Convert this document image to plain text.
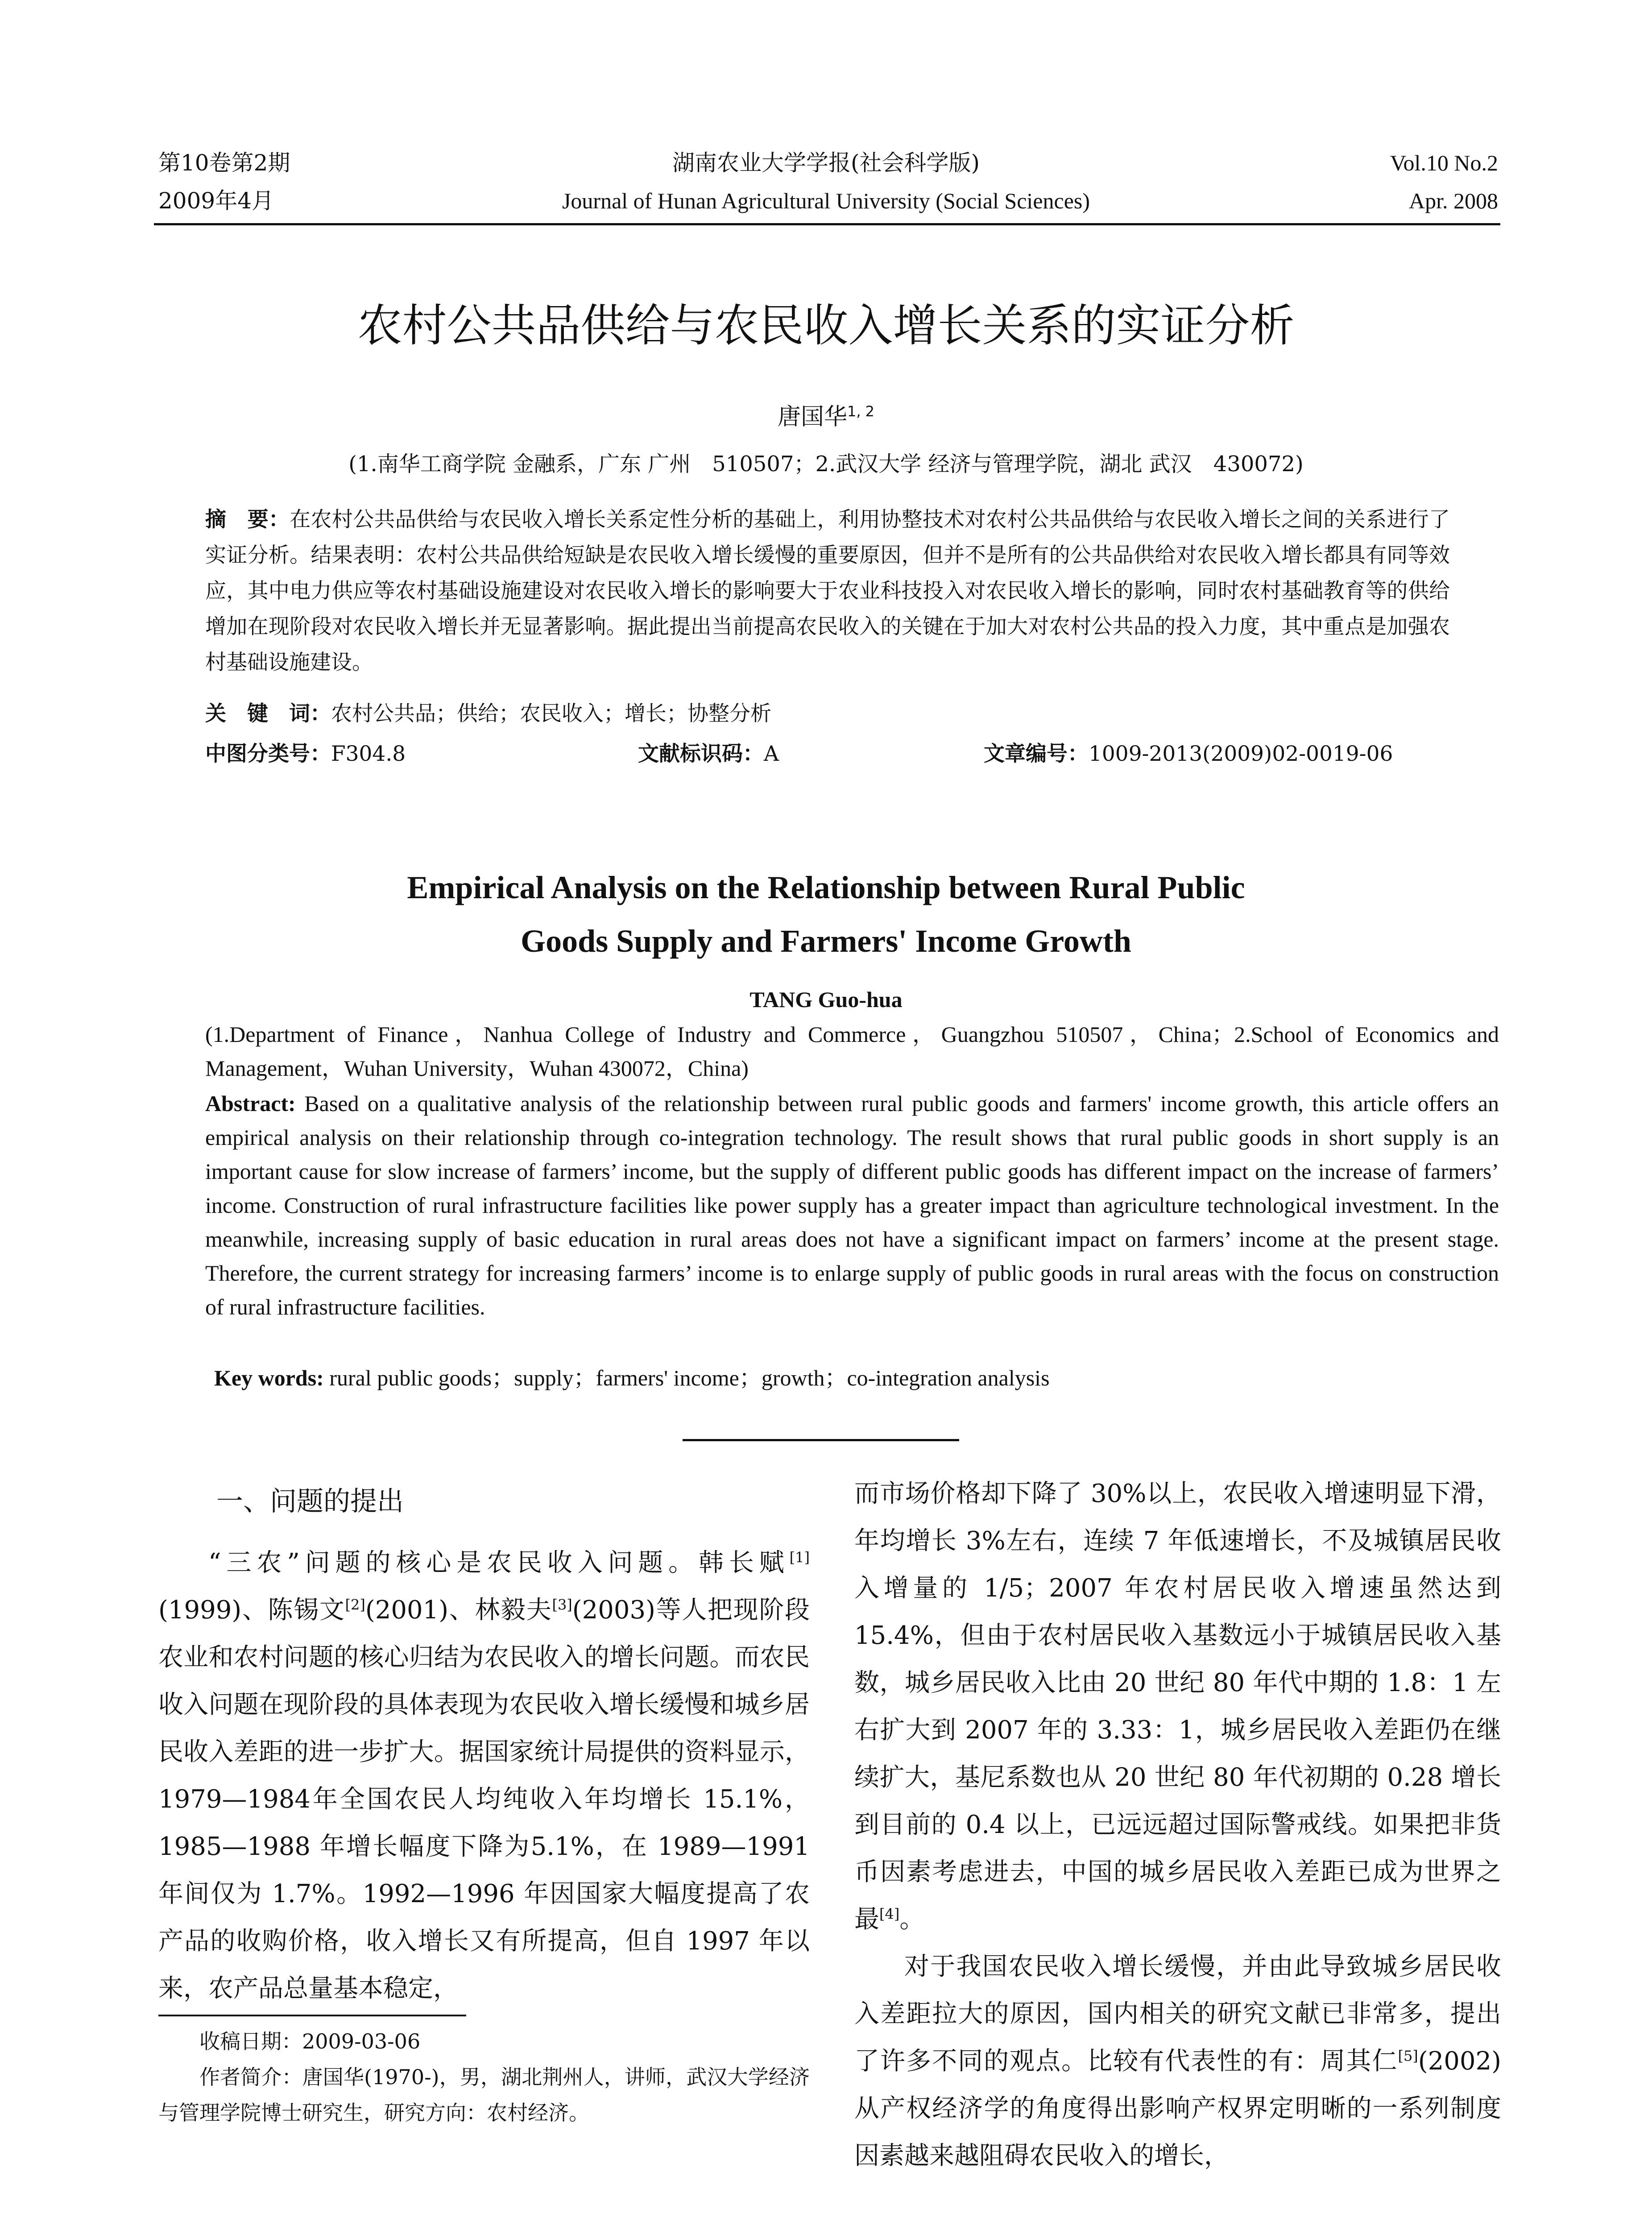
第10卷第2期
2009年4月
湖南农业大学学报(社会科学版)
Journal of Hunan Agricultural University (Social Sciences)
Vol.10 No.2
Apr. 2008
农村公共品供给与农民收入增长关系的实证分析
唐国华$^{1, 2}$
(1.南华工商学院 金融系，广东 广州　510507；2.武汉大学 经济与管理学院，湖北 武汉　430072)
摘　要：在农村公共品供给与农民收入增长关系定性分析的基础上，利用协整技术对农村公共品供给与农民收入增长之间的关系进行了实证分析。结果表明：农村公共品供给短缺是农民收入增长缓慢的重要原因，但并不是所有的公共品供给对农民收入增长都具有同等效应，其中电力供应等农村基础设施建设对农民收入增长的影响要大于农业科技投入对农民收入增长的影响，同时农村基础教育等的供给增加在现阶段对农民收入增长并无显著影响。据此提出当前提高农民收入的关键在于加大对农村公共品的投入力度，其中重点是加强农村基础设施建设。
关　键　词：农村公共品；供给；农民收入；增长；协整分析
中图分类号：F304.8	文献标识码：A	文章编号：1009-2013(2009)02-0019-06
Empirical Analysis on the Relationship between Rural Public
Goods Supply and Farmers' Income Growth
TANG Guo-hua
(1.Department of Finance，Nanhua College of Industry and Commerce，Guangzhou 510507，China；2.School of Economics and Management，Wuhan University，Wuhan 430072，China)
Abstract: Based on a qualitative analysis of the relationship between rural public goods and farmers' income growth, this article offers an empirical analysis on their relationship through co-integration technology. The result shows that rural public goods in short supply is an important cause for slow increase of farmers’ income, but the supply of different public goods has different impact on the increase of farmers’ income. Construction of rural infrastructure facilities like power supply has a greater impact than agriculture technological investment. In the meanwhile, increasing supply of basic education in rural areas does not have a significant impact on farmers’ income at the present stage. Therefore, the current strategy for increasing farmers’ income is to enlarge supply of public goods in rural areas with the focus on construction of rural infrastructure facilities.
Key words: rural public goods；supply；farmers' income；growth；co-integration analysis
一、问题的提出

“三农”问题的核心是农民收入问题。韩长赋[1](1999)、陈锡文[2](2001)、林毅夫[3](2003)等人把现阶段农业和农村问题的核心归结为农民收入的增长问题。而农民收入问题在现阶段的具体表现为农民收入增长缓慢和城乡居民收入差距的进一步扩大。据国家统计局提供的资料显示，1979—1984年全国农民人均纯收入年均增长 15.1%，1985—1988 年增长幅度下降为5.1%，在 1989—1991 年间仅为 1.7%。1992—1996 年因国家大幅度提高了农产品的收购价格，收入增长又有所提高，但自 1997 年以来，农产品总量基本稳定，

收稿日期：2009-03-06
作者简介：唐国华(1970-)，男，湖北荆州人，讲师，武汉大学经济与管理学院博士研究生，研究方向：农村经济。

而市场价格却下降了 30%以上，农民收入增速明显下滑，年均增长 3%左右，连续 7 年低速增长，不及城镇居民收入增量的 1/5；2007 年农村居民收入增速虽然达到 15.4%，但由于农村居民收入基数远小于城镇居民收入基数，城乡居民收入比由 20 世纪 80 年代中期的 1.8：1 左右扩大到 2007 年的 3.33：1，城乡居民收入差距仍在继续扩大，基尼系数也从 20 世纪 80 年代初期的 0.28 增长到目前的 0.4 以上，已远远超过国际警戒线。如果把非货币因素考虑进去，中国的城乡居民收入差距已成为世界之最[4]。

对于我国农民收入增长缓慢，并由此导致城乡居民收入差距拉大的原因，国内相关的研究文献已非常多，提出了许多不同的观点。比较有代表性的有：周其仁[5](2002)从产权经济学的角度得出影响产权界定明晰的一系列制度因素越来越阻碍农民收入的增长，
